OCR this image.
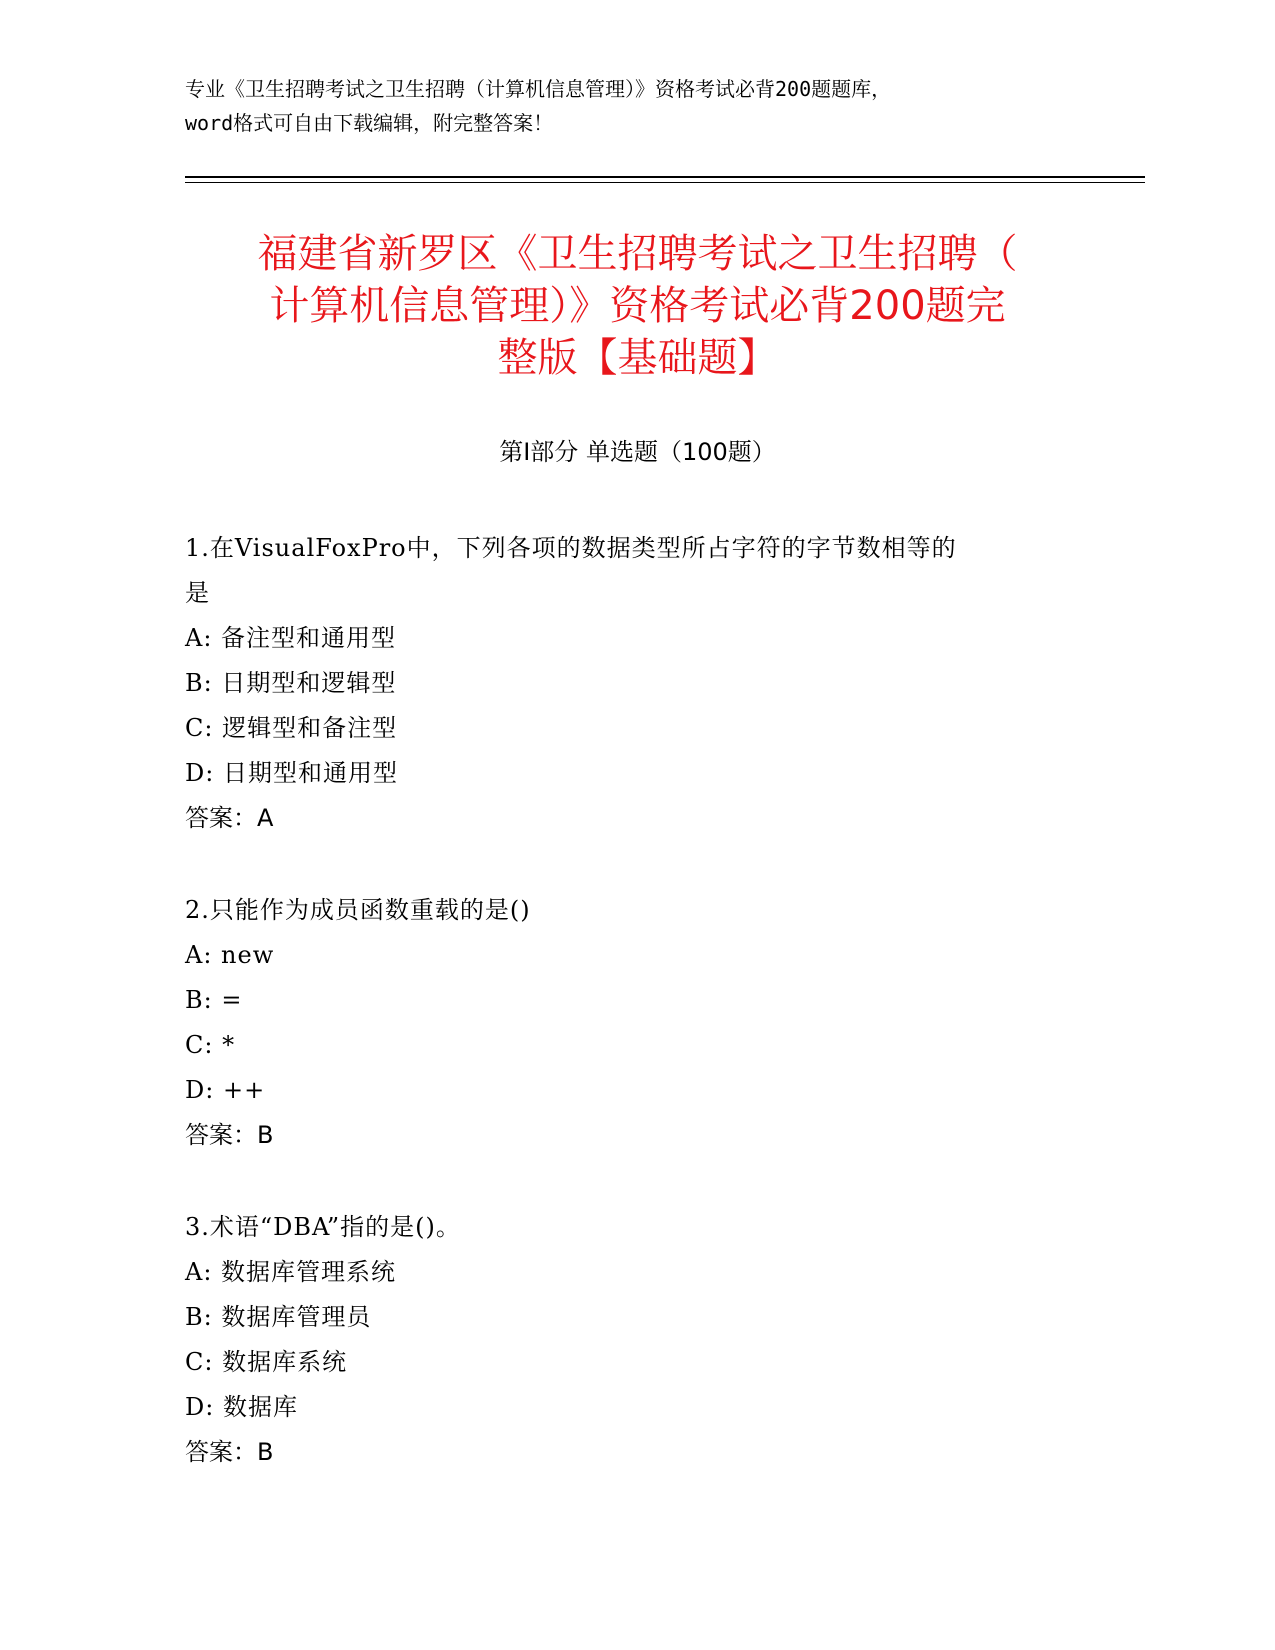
专业《卫生招聘考试之卫生招聘（计算机信息管理）》资格考试必背200题题库，
word格式可自由下载编辑，附完整答案！
福建省新罗区《卫生招聘考试之卫生招聘（
计算机信息管理）》资格考试必背200题完
整版【基础题】
第Ⅰ部分 单选题（100题）

1.在VisualFoxPro中，下列各项的数据类型所占字符的字节数相等的

是

A: 备注型和通用型

B: 日期型和逻辑型

C: 逻辑型和备注型

D: 日期型和通用型

答案：A

2.只能作为成员函数重载的是()

A: new

B: =

C: *

D: ++

答案：B

3.术语“DBA”指的是()。

A: 数据库管理系统

B: 数据库管理员

C: 数据库系统

D: 数据库

答案：B
